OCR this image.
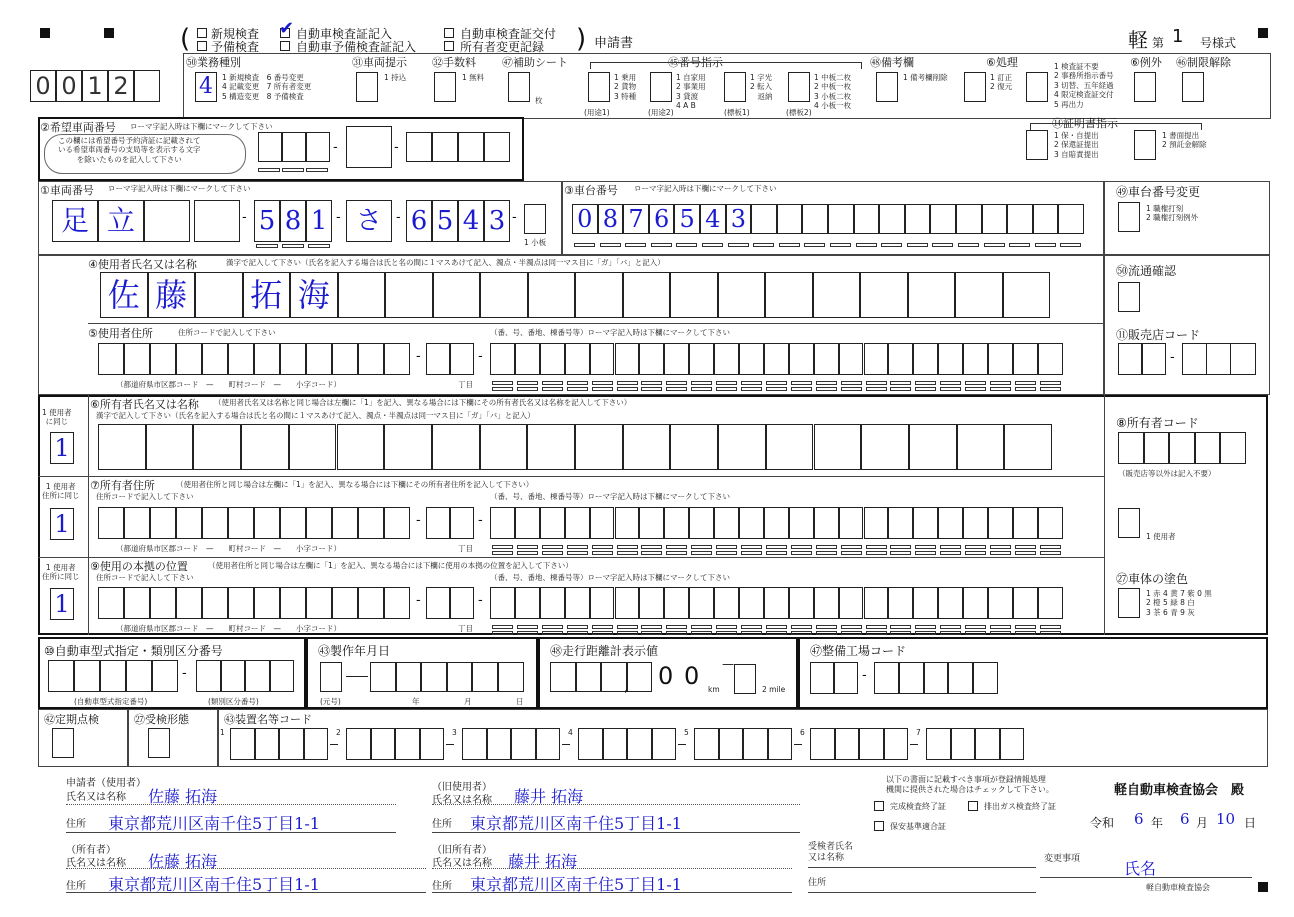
( 新規検査
予備検査
✔ 自動車検査証記入
自動車予備検査証記入
自動車検査証交付
所有者変更記録 ) 申請書	軽 第 1 号様式
0 0 1 2
㊿業務種別
4	1 新規検査　6 番号変更
4 記載変更　7 所有者変更
5 構造変更　8 予備検査
㉛車両提示
1 持込
㉜手数料
1 無料
㊼補助シート
枚
㊺番号指示
1 乗用
2 貨物
3 特種
1 自家用
2 事業用
3 貸渡
4 A B
1 字光
2 転入
　返納
1 中板二枚
2 中板一枚
3 小板二枚
4 小板一枚
(用途1)	(用途2)	(標板1)	(標板2)
㊽備考欄
1 備考欄削除
⑥処理
1 訂正
2 復元
1 検査証不要
2 事務所指示番号
3 切替、五年経過
4 限定検査証交付
5 再出力
⑥例外 ㊻制限解除
⑭証明書指示
1 保・自提出
2 保還証提出
3 自賠責提出
1 書面提出
2 預託金解除
②希望車両番号 ローマ字記入時は下欄にマークして下さい
この欄には希望番号予約済証に記載されて
いる希望車両番号の支局等を表示する文字
を除いたものを記入して下さい
-	-
①車両番号 ローマ字記入時は下欄にマークして下さい
足 立	- 5 8 1 - さ	- 6 5 4 3 -
1 小板
③車台番号 ローマ字記入時は下欄にマークして下さい
0 8 7 6 5 4 3
㊾車台番号変更
1 職権打刻
2 職権打刻例外
④使用者氏名又は名称	漢字で記入して下さい（氏名を記入する場合は氏と名の間に１マスあけて記入、濁点・半濁点は同一マス目に「ガ」「バ」と記入）
佐 藤 拓 海
⑤使用者住所	住所コードで記入して下さい	（番、号、番地、棟番号等）ローマ字記入時は下欄にマークして下さい
-	-
（都道府県市区郡コード　—　　町村コード　—　　小字コード）	丁目
㊿流通確認
⑪販売店コード
-
⑥所有者氏名又は名称 （使用者氏名又は名称と同じ場合は左欄に「1」を記入、異なる場合には下欄にその所有者氏名又は名称を記入して下さい）
漢字で記入して下さい（氏名を記入する場合は氏と名の間に１マスあけて記入、濁点・半濁点は同一マス目に「ガ」「バ」と記入）
1 使用者
に同じ
1
⑦所有者住所	（使用者住所と同じ場合は左欄に「1」を記入、異なる場合には下欄にその所有者住所を記入して下さい）
住所コードで記入して下さい	（番、号、番地、棟番号等）ローマ字記入時は下欄にマークして下さい
1 使用者
住所に同じ
1	-	-
（都道府県市区郡コード　—　　町村コード　—　　小字コード）	丁目
⑨使用の本拠の位置	（使用者住所と同じ場合は左欄に「1」を記入、異なる場合には下欄に使用の本拠の位置を記入して下さい）
住所コードで記入して下さい	（番、号、番地、棟番号等）ローマ字記入時は下欄にマークして下さい
1 使用者
住所に同じ
1	-	-
（都道府県市区郡コード　—　　町村コード　—　　小字コード）	丁目
⑧所有者コード
（販売店等以外は記入不要）
1 使用者
㉗車体の塗色
1 赤 4 黄 7 紫 0 黒
2 橙 5 緑 8 白
3 茶 6 青 9 灰
⑩自動車型式指定・類別区分番号
-
(自動車型式指定番号)	(類別区分番号)
㊸製作年月日
(元号)	年	月	日
㊽走行距離計表示値
’
0 0 km
—
2 mile
㊼整備工場コード
-
㊷定期点検	㉗受検形態	㊸装置名等コード
1	2	3	4	5	6	7
申請者（使用者）
氏名又は名称 佐藤 拓海
住所 東京都荒川区南千住5丁目1-1
（旧使用者）
氏名又は名称 藤井 拓海
住所 東京都荒川区南千住5丁目1-1
（所有者）
氏名又は名称 佐藤 拓海
住所 東京都荒川区南千住5丁目1-1
（旧所有者）
氏名又は名称 藤井 拓海
住所 東京都荒川区南千住5丁目1-1
以下の書面に記載すべき事項が登録情報処理
機関に提供された場合はチェックして下さい。
完成検査終了証	排出ガス検査終了証
保安基準適合証
軽自動車検査協会　殿
令和 6 年 6 月 10 日
受検者氏名
又は名称
住所
変更事項	氏名
軽自動車検査協会
